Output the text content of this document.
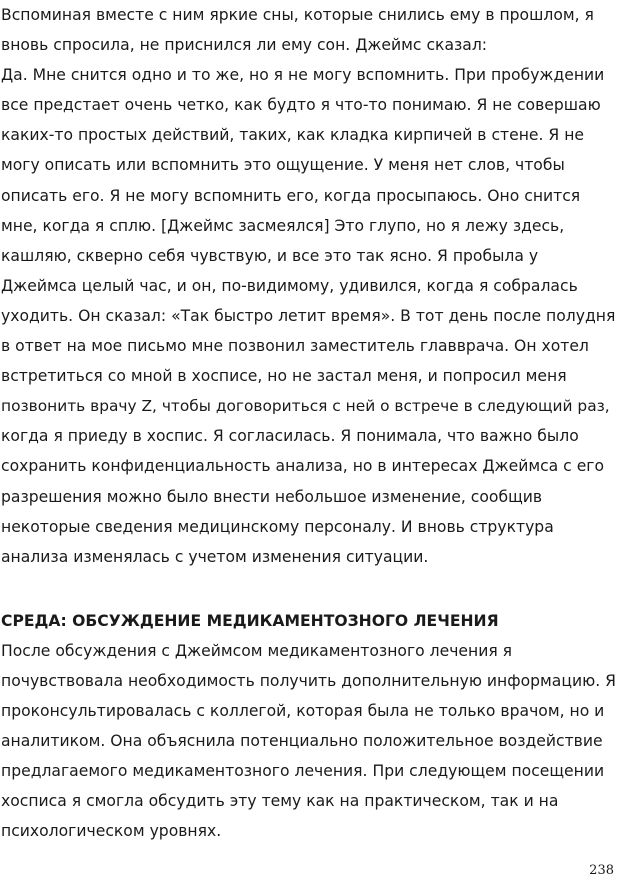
Вспоминая вместе с ним яркие сны, которые снились ему в прошлом, я
вновь спросила, не приснился ли ему сон. Джеймс сказал:
Да. Мне снится одно и то же, но я не могу вспомнить. При пробуждении
все предстает очень четко, как будто я что-то понимаю. Я не совершаю
каких-то простых действий, таких, как кладка кирпичей в стене. Я не
могу описать или вспомнить это ощущение. У меня нет слов, чтобы
описать его. Я не могу вспомнить его, когда просыпаюсь. Оно снится
мне, когда я сплю. [Джеймс засмеялся] Это глупо, но я лежу здесь,
кашляю, скверно себя чувствую, и все это так ясно. Я пробыла у
Джеймса целый час, и он, по-видимому, удивился, когда я собралась
уходить. Он сказал: «Так быстро летит время». В тот день после полудня
в ответ на мое письмо мне позвонил заместитель главврача. Он хотел
встретиться со мной в хосписе, но не застал меня, и попросил меня
позвонить врачу Z, чтобы договориться с ней о встрече в следующий раз,
когда я приеду в хоспис. Я согласилась. Я понимала, что важно было
сохранить конфиденциальность анализа, но в интересах Джеймса с его
разрешения можно было внести небольшое изменение, сообщив
некоторые сведения медицинскому персоналу. И вновь структура
анализа изменялась с учетом изменения ситуации.
СРЕДА: ОБСУЖДЕНИЕ МЕДИКАМЕНТОЗНОГО ЛЕЧЕНИЯ
После обсуждения с Джеймсом медикаментозного лечения я
почувствовала необходимость получить дополнительную информацию. Я
проконсультировалась с коллегой, которая была не только врачом, но и
аналитиком. Она объяснила потенциально положительное воздействие
предлагаемого медикаментозного лечения. При следующем посещении
хосписа я смогла обсудить эту тему как на практическом, так и на
психологическом уровнях.
238
